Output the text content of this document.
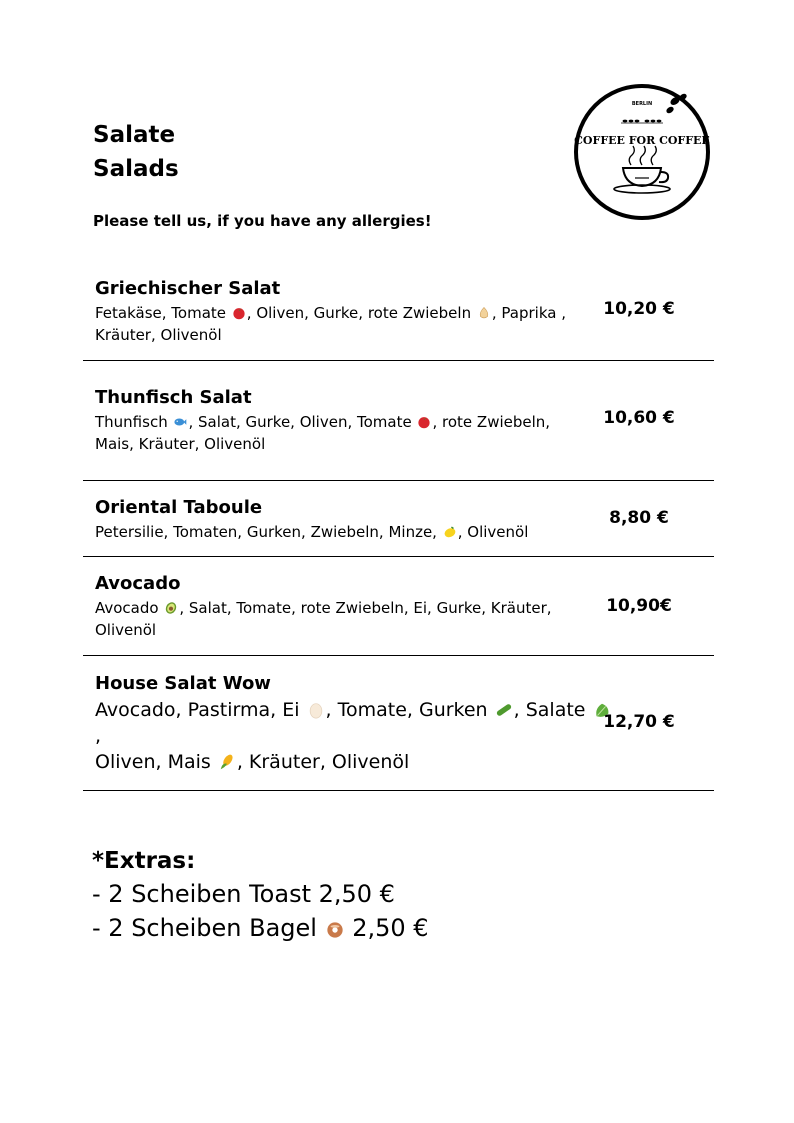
Salate
Salads
Please tell us, if you have any allergies!
BERLIN
COFFEE FOR COFFEE
Griechischer Salat
Fetakäse, Tomate , Oliven, Gurke, rote Zwiebeln , Paprika ,
Kräuter, Olivenöl
10,20 €
Thunfisch Salat
Thunfisch , Salat, Gurke, Oliven, Tomate , rote Zwiebeln,
Mais, Kräuter, Olivenöl
10,60 €
Oriental Taboule
Petersilie, Tomaten, Gurken, Zwiebeln, Minze, , Olivenöl
8,80 €
Avocado
Avocado , Salat, Tomate, rote Zwiebeln, Ei, Gurke, Kräuter,
Olivenöl
10,90€
House Salat Wow
Avocado, Pastirma, Ei , Tomate, Gurken , Salate ,
Oliven, Mais , Kräuter, Olivenöl
12,70 €
*Extras:
- 2 Scheiben Toast 2,50 €
- 2 Scheiben Bagel  2,50 €
